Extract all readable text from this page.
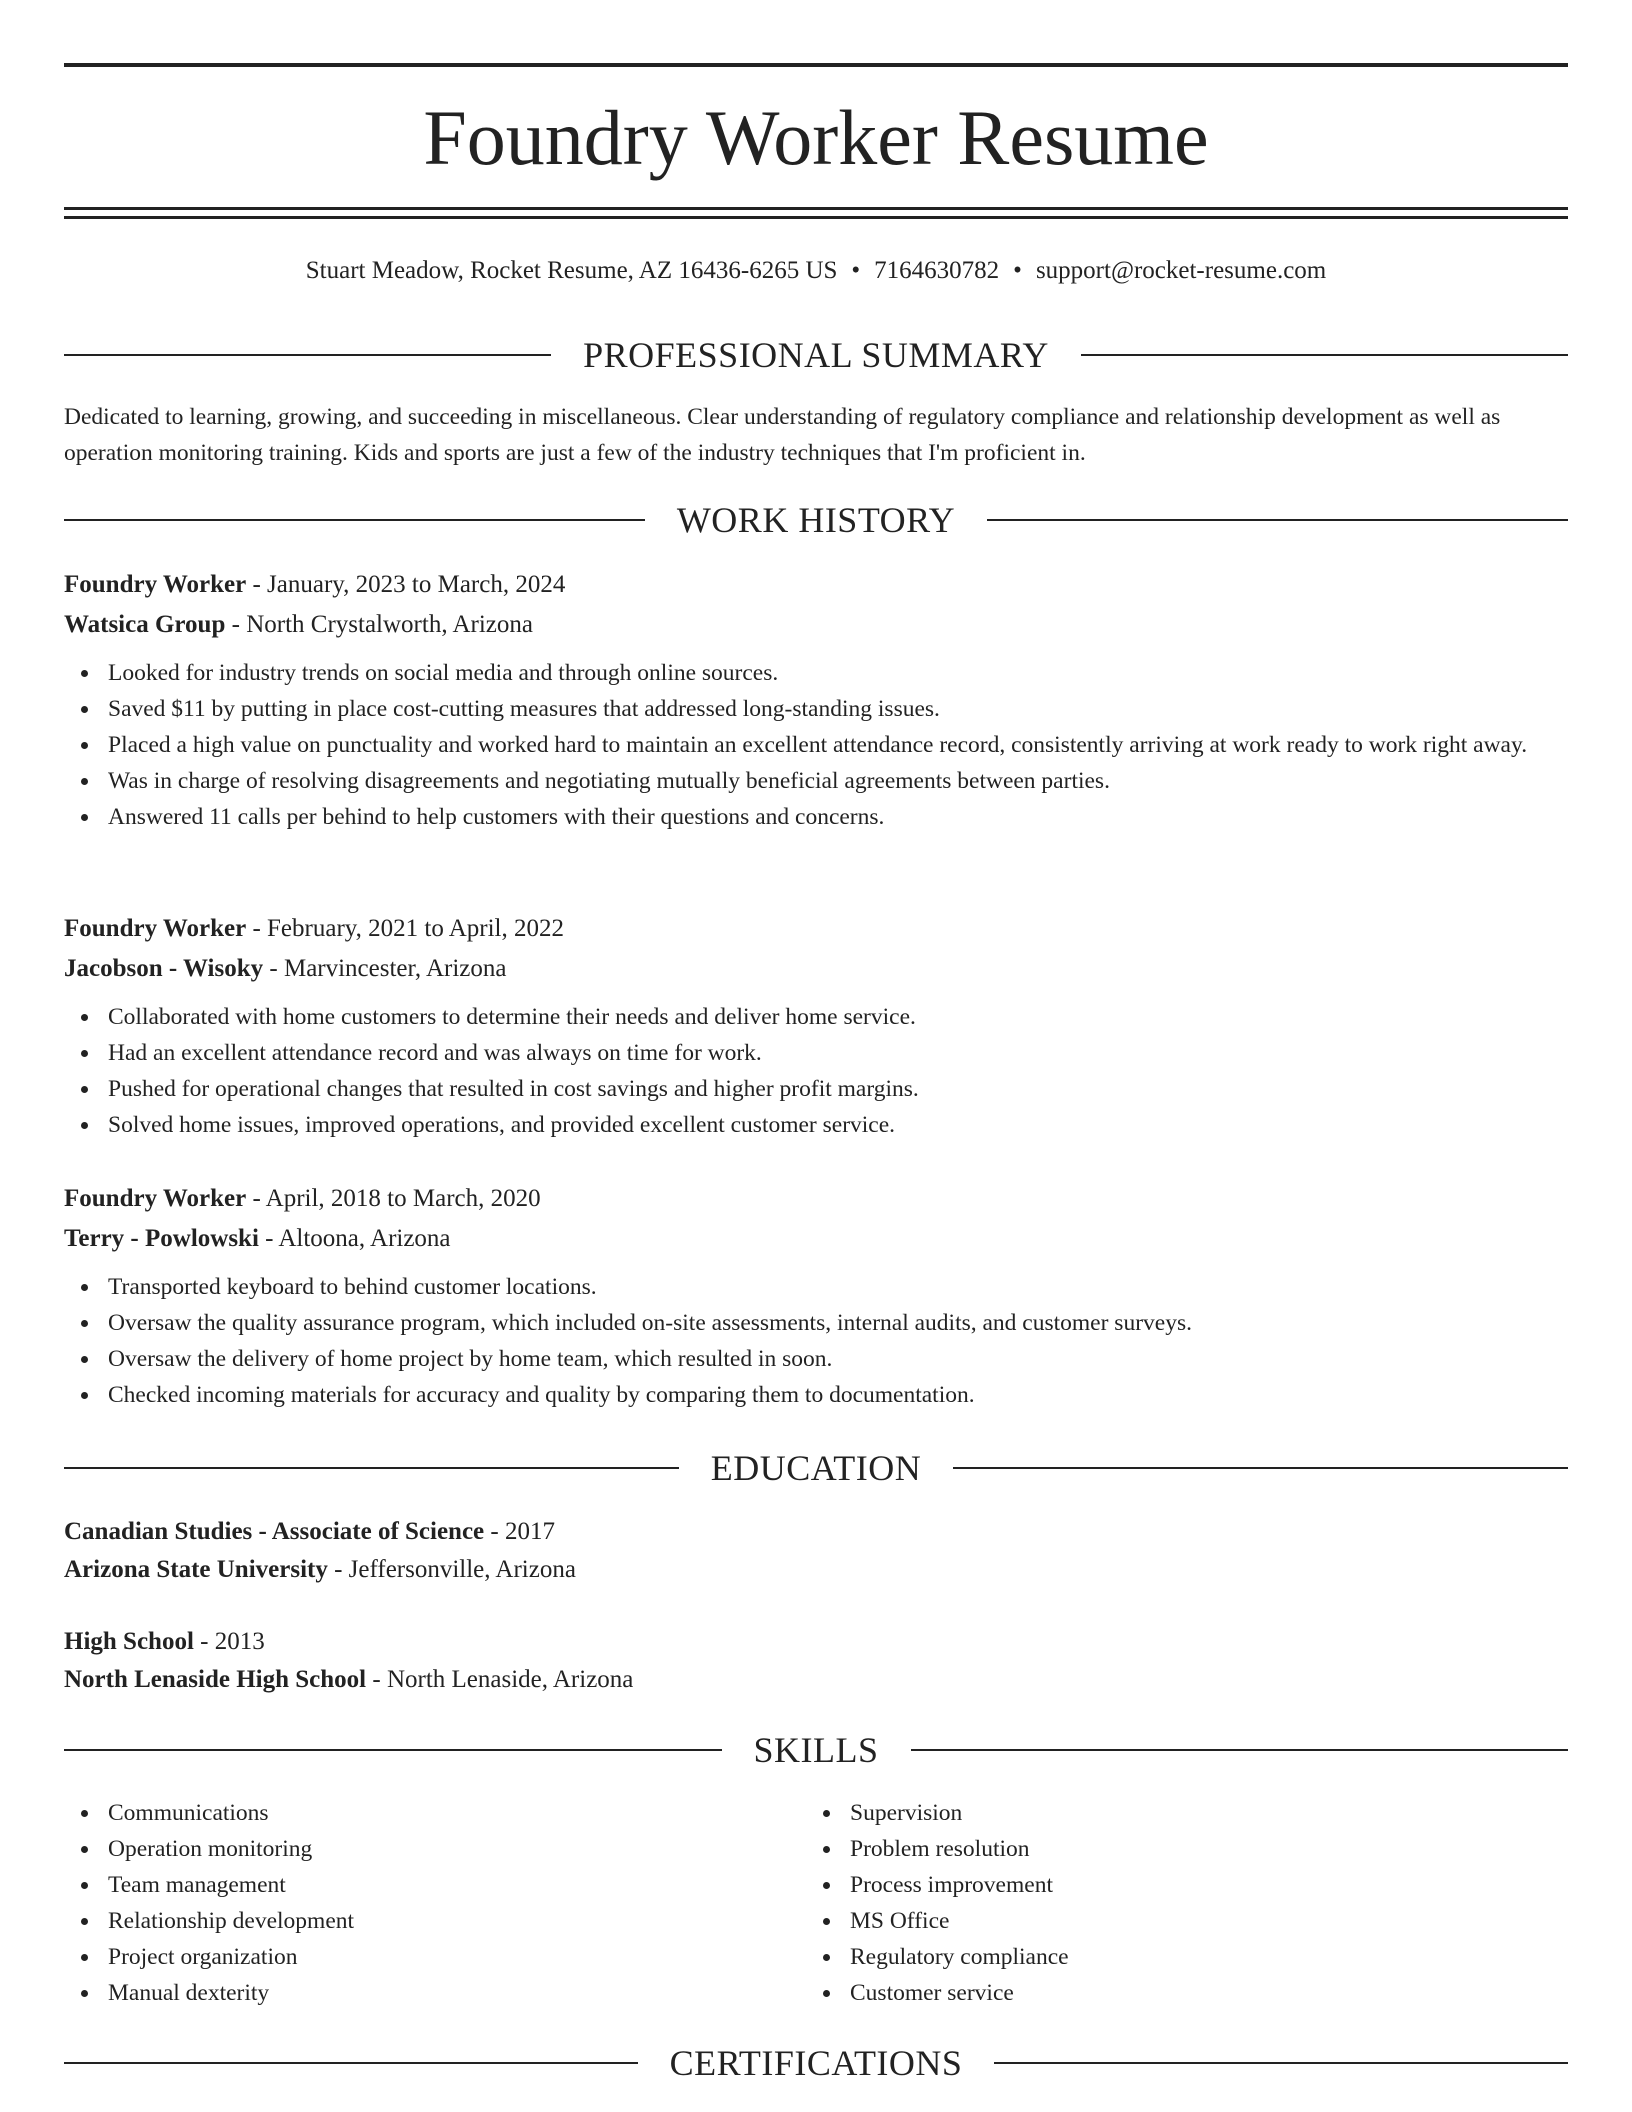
Foundry Worker Resume
Stuart Meadow, Rocket Resume, AZ 16436-6265 US • 7164630782 • support@rocket-resume.com
PROFESSIONAL SUMMARY

Dedicated to learning, growing, and succeeding in miscellaneous. Clear understanding of regulatory compliance and relationship development as well as operation monitoring training. Kids and sports are just a few of the industry techniques that I'm proficient in.

WORK HISTORY

Foundry Worker - January, 2023 to March, 2024

Watsica Group - North Crystalworth, Arizona

Looked for industry trends on social media and through online sources.
Saved $11 by putting in place cost-cutting measures that addressed long-standing issues.
Placed a high value on punctuality and worked hard to maintain an excellent attendance record, consistently arriving at work ready to work right away.
Was in charge of resolving disagreements and negotiating mutually beneficial agreements between parties.
Answered 11 calls per behind to help customers with their questions and concerns.

Foundry Worker - February, 2021 to April, 2022

Jacobson - Wisoky - Marvincester, Arizona

Collaborated with home customers to determine their needs and deliver home service.
Had an excellent attendance record and was always on time for work.
Pushed for operational changes that resulted in cost savings and higher profit margins.
Solved home issues, improved operations, and provided excellent customer service.

Foundry Worker - April, 2018 to March, 2020

Terry - Powlowski - Altoona, Arizona

Transported keyboard to behind customer locations.
Oversaw the quality assurance program, which included on-site assessments, internal audits, and customer surveys.
Oversaw the delivery of home project by home team, which resulted in soon.
Checked incoming materials for accuracy and quality by comparing them to documentation.
EDUCATION

Canadian Studies - Associate of Science - 2017

Arizona State University - Jeffersonville, Arizona

High School - 2013

North Lenaside High School - North Lenaside, Arizona

SKILLS
Communications
Operation monitoring
Team management
Relationship development
Project organization
Manual dexterity
Supervision
Problem resolution
Process improvement
MS Office
Regulatory compliance
Customer service
CERTIFICATIONS
